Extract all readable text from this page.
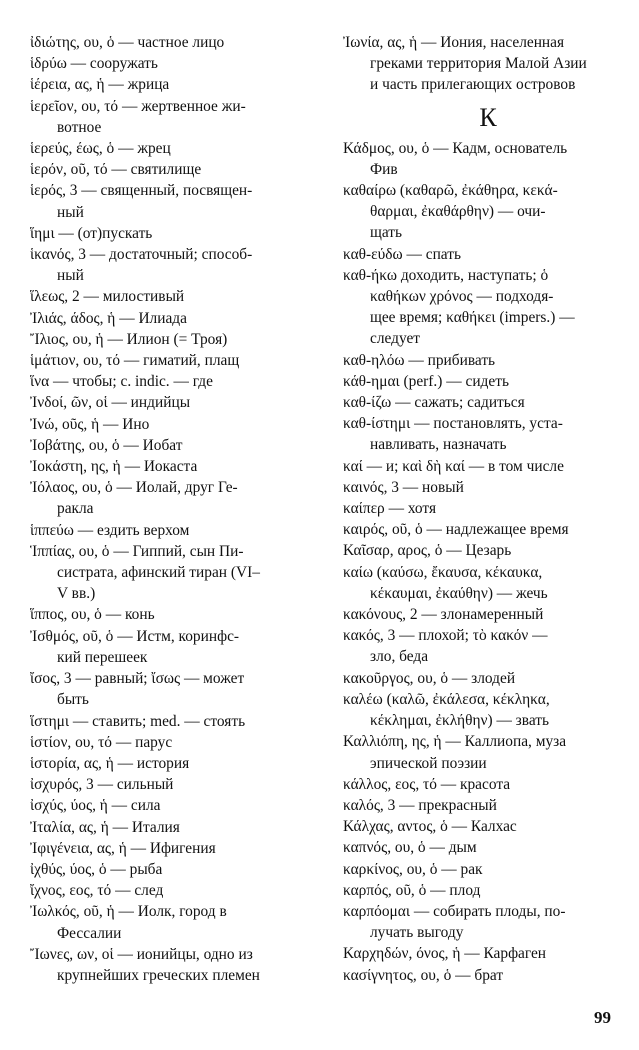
ἰδιώτης, ου, ὁ — частное лицо
ἱδρύω — сооружать
ἱέρεια, ας, ἡ — жрица
ἱερεῖον, ου, τό — жертвенное жи-
вотное
ἱερεύς, έως, ὁ — жрец
ἱερόν, οῦ, τό — святилище
ἱερός, 3 — священный, посвящен-
ный
ἵημι — (от)пускать
ἱκανός, 3 — достаточный; способ-
ный
ἵλεως, 2 — милостивый
Ἰλιάς, άδος, ἡ — Илиада
Ἴλιος, ου, ἡ — Илион (= Троя)
ἱμάτιον, ου, τό — гиматий, плащ
ἵνα — чтобы; c. indic. — где
Ἰνδοί, ῶν, οἱ — индийцы
Ἰνώ, οῦς, ἡ — Ино
Ἰοβάτης, ου, ὁ — Иобат
Ἰοκάστη, ης, ἡ — Иокаста
Ἰόλαος, ου, ὁ — Иолай, друг Ге-
ракла
ἱππεύω — ездить верхом
Ἱππίας, ου, ὁ — Гиппий, сын Пи-
систрата, афинский тиран (VI–
V вв.)
ἵππος, ου, ὁ — конь
Ἰσθμός, οῦ, ὁ — Истм, коринфс-
кий перешеек
ἴσος, 3 — равный; ἴσως — может
быть
ἵστημι — ставить; med. — стоять
ἱστίον, ου, τό — парус
ἱστορία, ας, ἡ — история
ἰσχυρός, 3 — сильный
ἰσχύς, ύος, ἡ — сила
Ἰταλία, ας, ἡ — Италия
Ἰφιγένεια, ας, ἡ — Ифигения
ἰχθύς, ύος, ὁ — рыба
ἴχνος, εος, τό — след
Ἰωλκός, οῦ, ἡ — Иолк, город в
Фессалии
Ἴωνες, ων, οἱ — ионийцы, одно из
крупнейших греческих племен
Ἰωνία, ας, ἡ — Иония, населенная
греками территория Малой Азии
и часть прилегающих островов
К
Κάδμος, ου, ὁ — Кадм, основатель
Фив
καθαίρω (καθαρῶ, ἐκάθηρα, κεκά-
θαρμαι, ἐκαθάρθην) — очи-
щать
καθ-εύδω — спать
καθ-ήκω доходить, наступать; ὁ
καθήκων χρόνος — подходя-
щее время; καθήκει (impers.) —
следует
καθ-ηλόω — прибивать
κάθ-ημαι (perf.) — сидеть
καθ-ίζω — сажать; садиться
καθ-ίστημι — постановлять, уста-
навливать, назначать
καί — и; καὶ δὴ καί — в том числе
καινός, 3 — новый
καίπερ — хотя
καιρός, οῦ, ὁ — надлежащее время
Καῖσαρ, αρος, ὁ — Цезарь
καίω (καύσω, ἔκαυσα, κέκαυκα,
κέκαυμαι, ἐκαύθην) — жечь
κακόνους, 2 — злонамеренный
κακός, 3 — плохой; τὸ κακόν —
зло, беда
κακοῦργος, ου, ὁ — злодей
καλέω (καλῶ, ἐκάλεσα, κέκληκα,
κέκλημαι, ἐκλήθην) — звать
Καλλιόπη, ης, ἡ — Каллиопа, муза
эпической поэзии
κάλλος, εος, τό — красота
καλός, 3 — прекрасный
Κάλχας, αντος, ὁ — Калхас
καπνός, ου, ὁ — дым
καρκίνος, ου, ὁ — рак
καρπός, οῦ, ὁ — плод
καρπόομαι — собирать плоды, по-
лучать выгоду
Καρχηδών, όνος, ἡ — Карфаген
κασίγνητος, ου, ὁ — брат
99
